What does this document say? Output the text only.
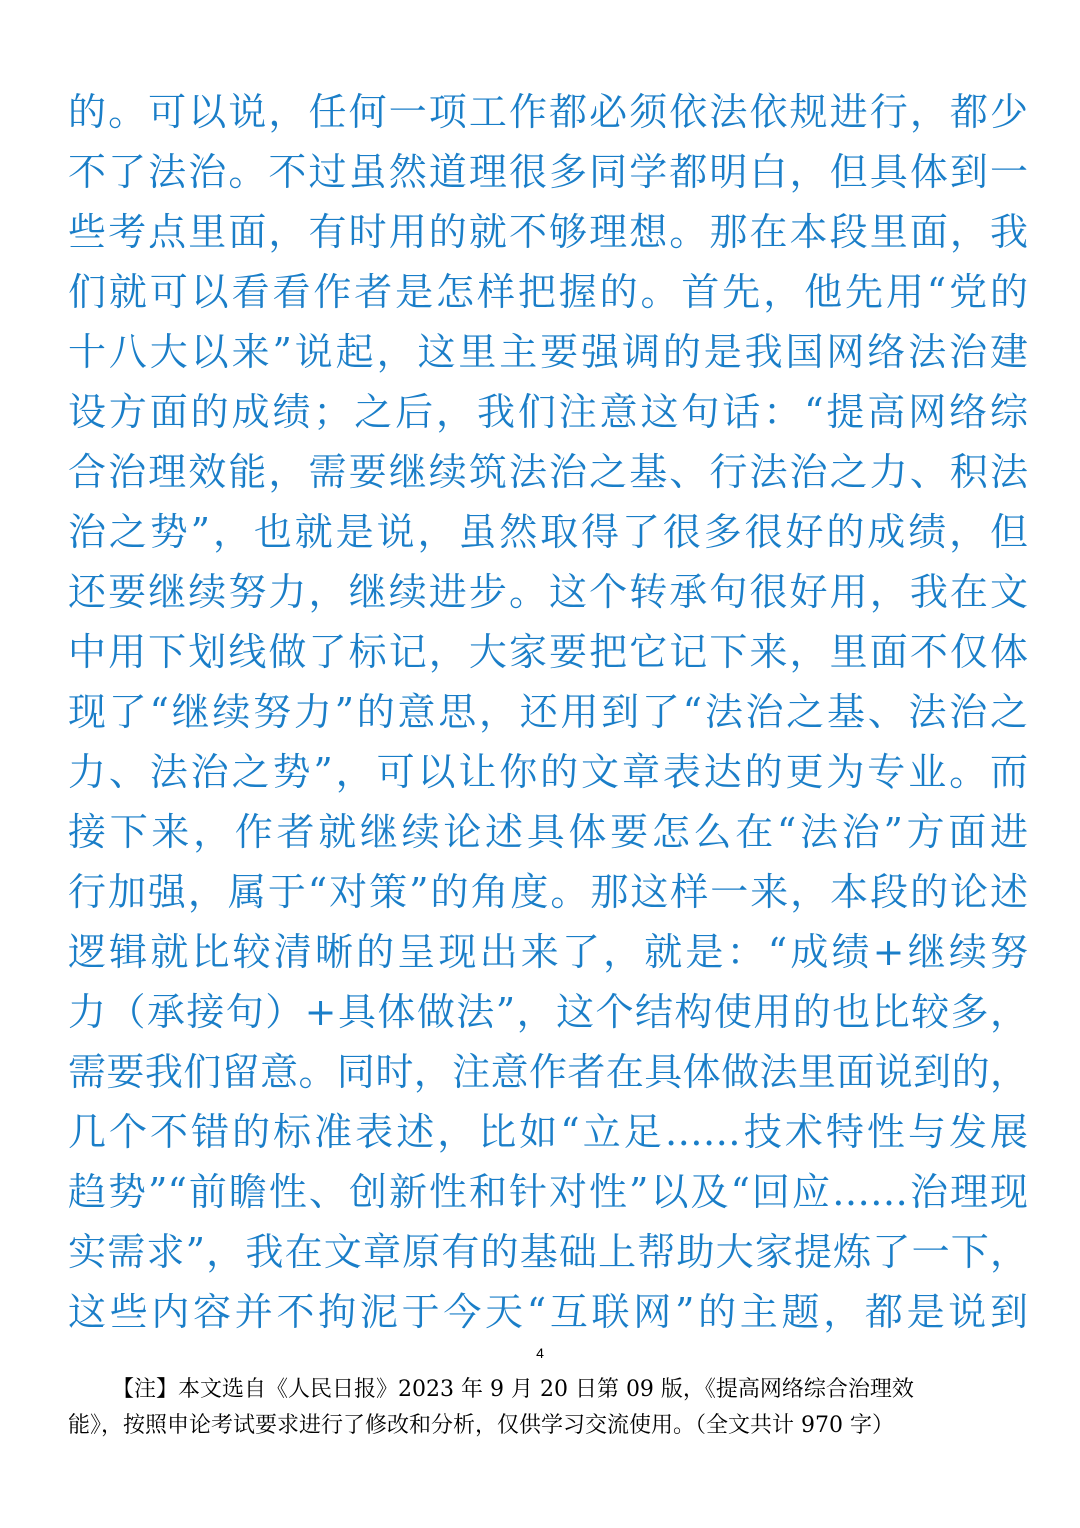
的。可以说，任何一项工作都必须依法依规进行，都少
不了法治。不过虽然道理很多同学都明白，但具体到一
些考点里面，有时用的就不够理想。那在本段里面，我
们就可以看看作者是怎样把握的。首先，他先用“党的
十八大以来”说起，这里主要强调的是我国网络法治建
设方面的成绩；之后，我们注意这句话：“提高网络综
合治理效能，需要继续筑法治之基、行法治之力、积法
治之势”，也就是说，虽然取得了很多很好的成绩，但
还要继续努力，继续进步。这个转承句很好用，我在文
中用下划线做了标记，大家要把它记下来，里面不仅体
现了“继续努力”的意思，还用到了“法治之基、法治之
力、法治之势”，可以让你的文章表达的更为专业。而
接下来，作者就继续论述具体要怎么在“法治”方面进
行加强，属于“对策”的角度。那这样一来，本段的论述
逻辑就比较清晰的呈现出来了，就是：“成绩+继续努
力（承接句）+具体做法”，这个结构使用的也比较多，
需要我们留意。同时，注意作者在具体做法里面说到的，
几个不错的标准表述，比如“立足……技术特性与发展
趋势”“前瞻性、创新性和针对性”以及“回应……治理现
实需求”，我在文章原有的基础上帮助大家提炼了一下，
这些内容并不拘泥于今天“互联网”的主题，都是说到
4
【注】本文选自《人民日报》2023 年 9 月 20 日第 09 版，《提高网络综合治理效
能》，按照申论考试要求进行了修改和分析，仅供学习交流使用。（全文共计 970 字）
